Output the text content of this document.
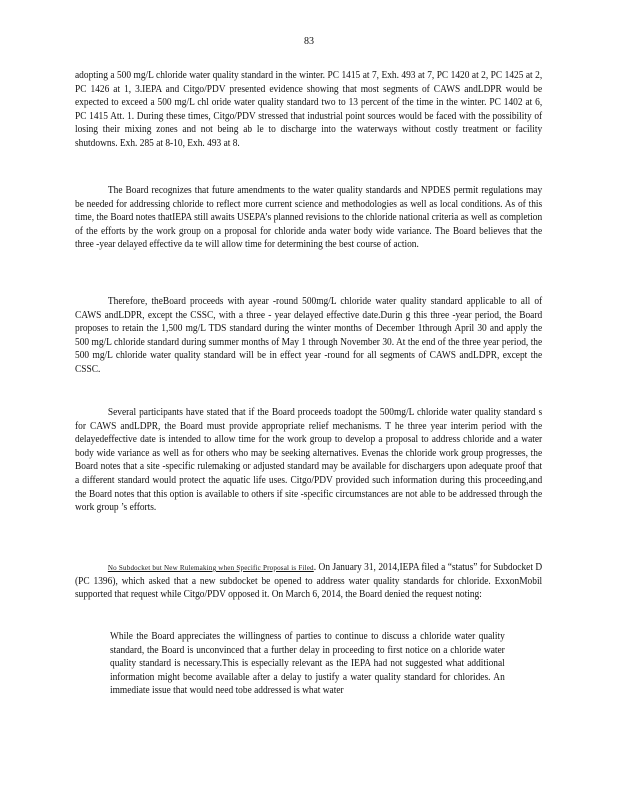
83

adopting a 500 mg/L chloride water quality standard in the winter. PC 1415 at 7, Exh. 493 at 7, PC 1420 at 2, PC 1425 at 2, PC 1426 at 1, 3.IEPA and Citgo/PDV presented evidence showing that most segments of CAWS andLDPR would be expected to exceed a 500 mg/L chl oride water quality standard two to 13 percent of the time in the winter. PC 1402 at 6, PC 1415 Att. 1. During these times, Citgo/PDV stressed that industrial point sources would be faced with the possibility of losing their mixing zones and not being ab le to discharge into the waterways without costly treatment or facility shutdowns. Exh. 285 at 8-10, Exh. 493 at 8.

The Board recognizes that future amendments to the water quality standards and NPDES permit regulations may be needed for addressing chloride to reflect more current science and methodologies as well as local conditions. As of this time, the Board notes thatIEPA still awaits USEPA’s planned revisions to the chloride national criteria as well as completion of the efforts by the work group on a proposal for chloride anda water body wide variance. The Board believes that the three -year delayed effective da te will allow time for determining the best course of action.

Therefore, theBoard proceeds with ayear -round 500mg/L chloride water quality standard applicable to all of CAWS andLDPR, except the CSSC, with a three - year delayed effective date.Durin g this three -year period, the Board proposes to retain the 1,500 mg/L TDS standard during the winter months of December 1through April 30 and apply the 500 mg/L chloride standard during summer months of May 1 through November 30. At the end of the three year period, the 500 mg/L chloride water quality standard will be in effect year -round for all segments of CAWS andLDPR, except the CSSC.

Several participants have stated that if the Board proceeds toadopt the 500mg/L chloride water quality standard s for CAWS andLDPR, the Board must provide appropriate relief mechanisms. T he three year interim period with the delayedeffective date is intended to allow time for the work group to develop a proposal to address chloride and a water body wide variance as well as for others who may be seeking alternatives. Evenas the chloride work group progresses, the Board notes that a site -specific rulemaking or adjusted standard may be available for dischargers upon adequate proof that a different standard would protect the aquatic life uses. Citgo/PDV provided such information during this proceeding,and the Board notes that this option is available to others if site -specific circumstances are not able to be addressed through the work group ’s efforts.

No Subdocket but New Rulemaking when Specific Proposal is Filed. On January 31, 2014,IEPA filed a “status” for Subdocket D (PC 1396), which asked that a new subdocket be opened to address water quality standards for chloride. ExxonMobil supported that request while Citgo/PDV opposed it. On March 6, 2014, the Board denied the request noting:

While the Board appreciates the willingness of parties to continue to discuss a chloride water quality standard, the Board is unconvinced that a further delay in proceeding to first notice on a chloride water quality standard is necessary.This is especially relevant as the IEPA had not suggested what additional information might become available after a delay to justify a water quality standard for chlorides. An immediate issue that would need tobe addressed is what water
